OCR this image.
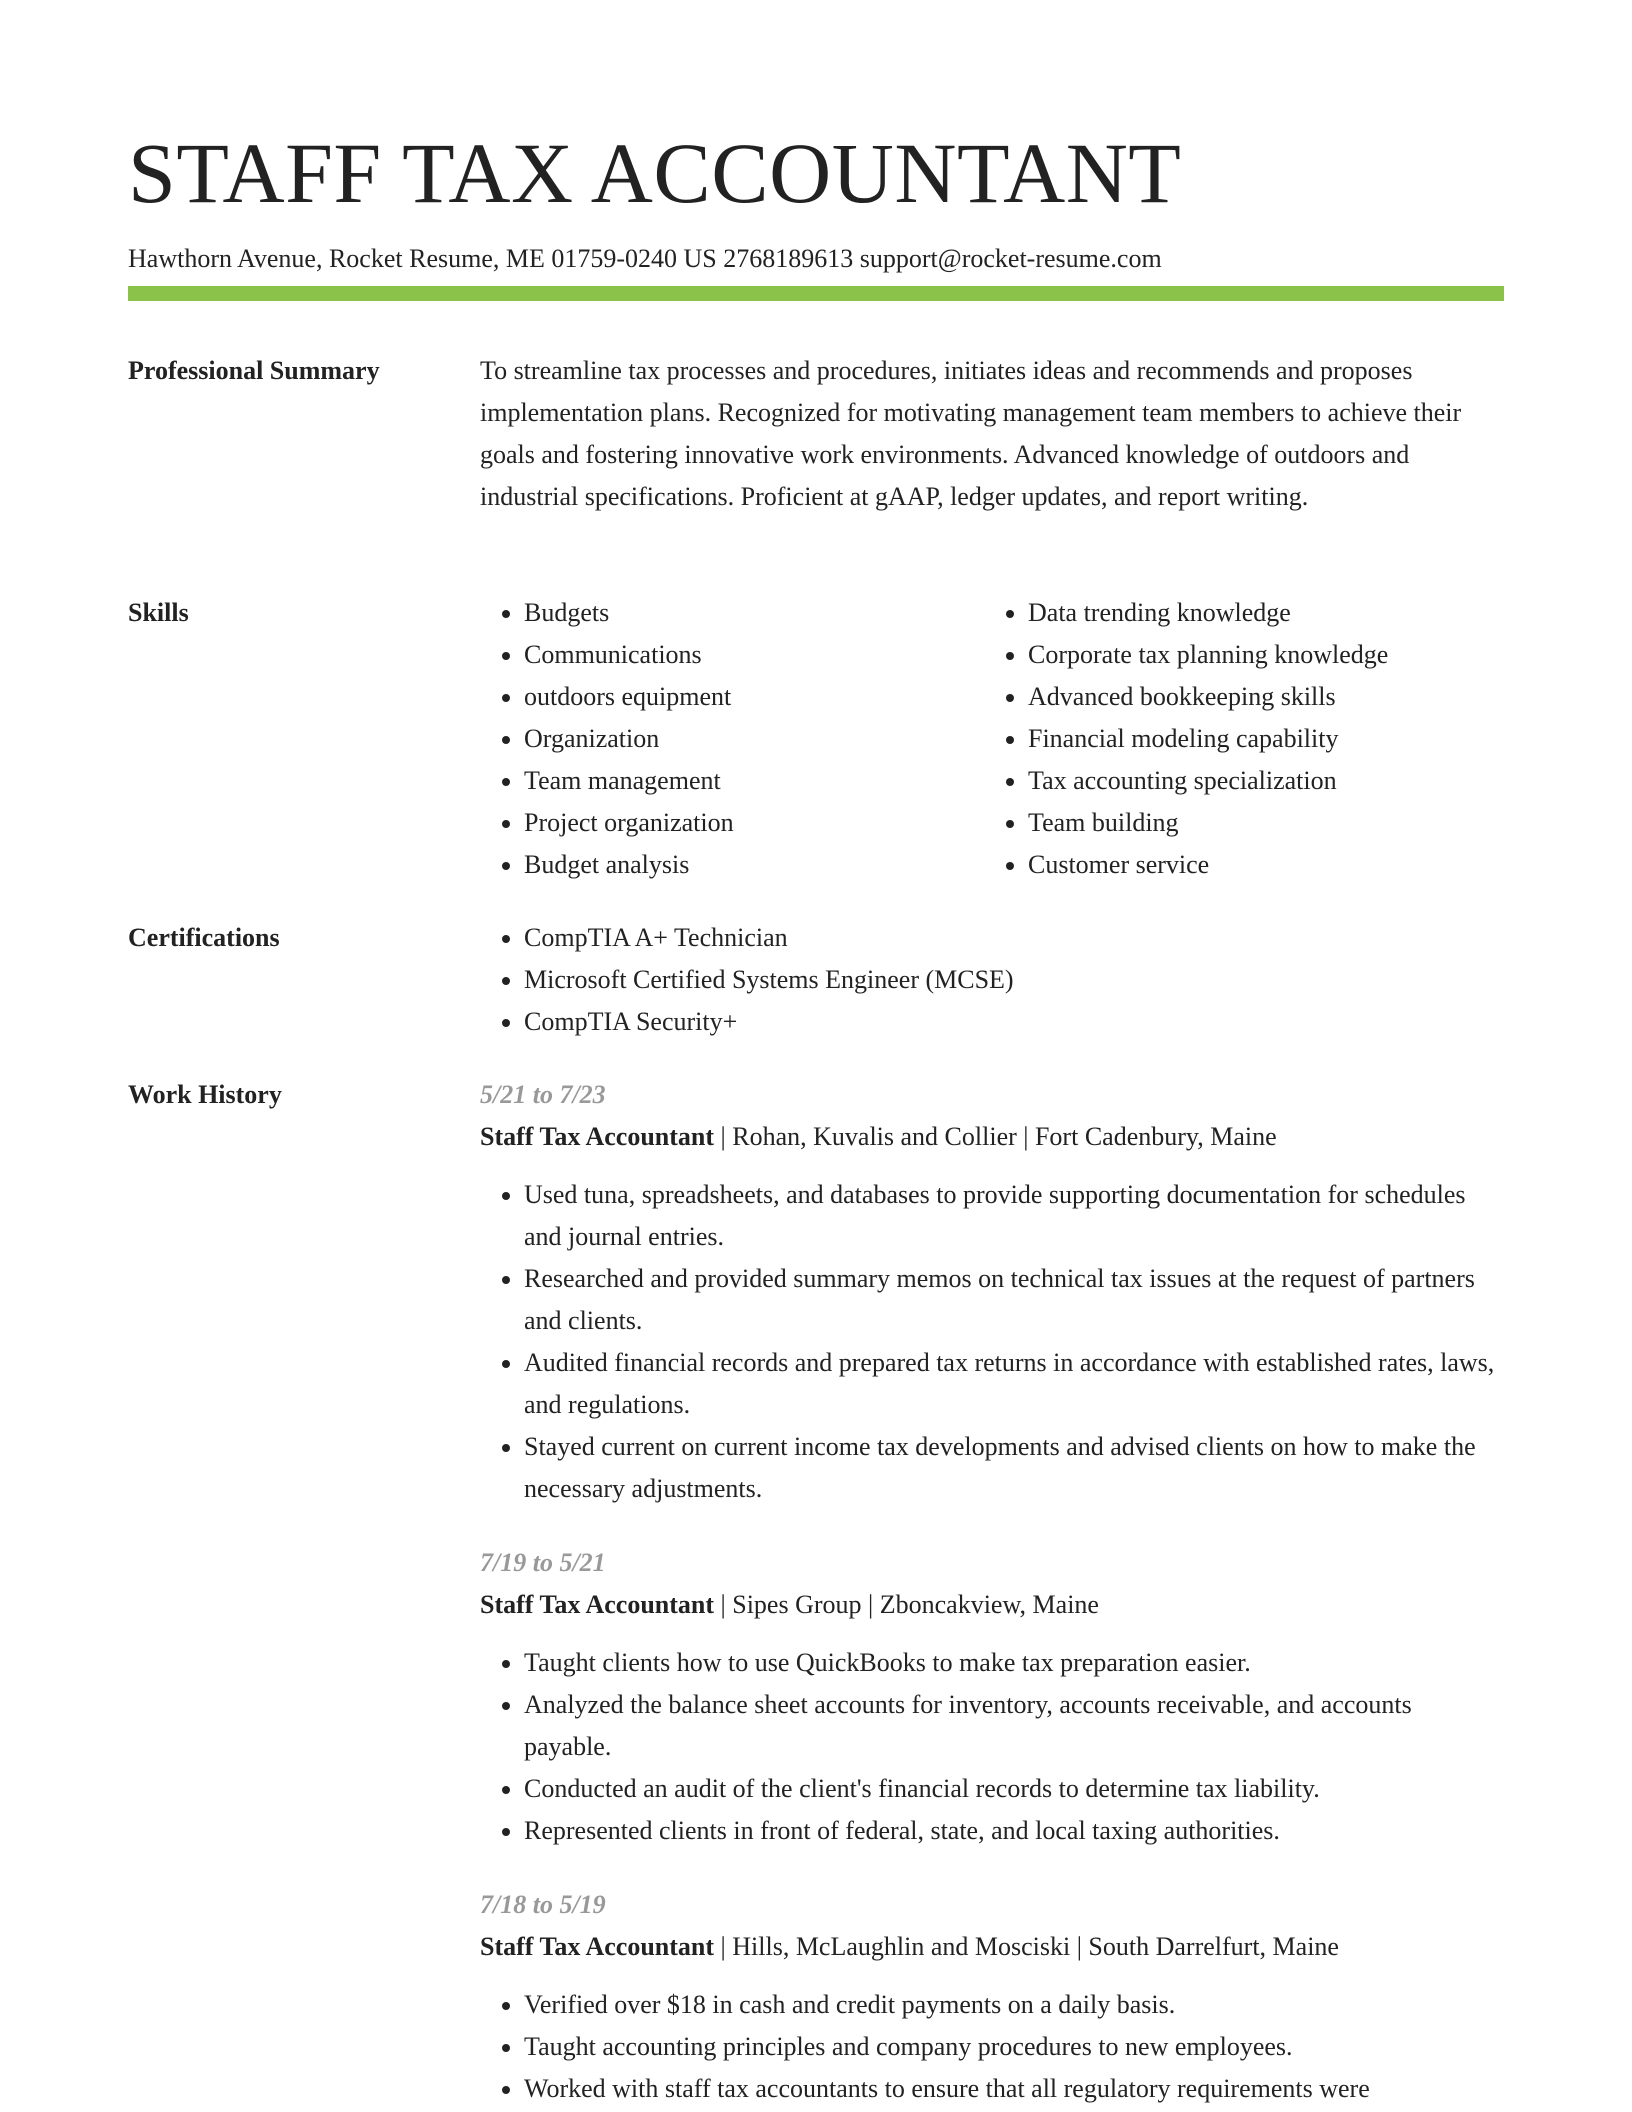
STAFF TAX ACCOUNTANT
Hawthorn Avenue, Rocket Resume, ME 01759-0240 US 2768189613 support@rocket-resume.com
Professional Summary	To streamline tax processes and procedures, initiates ideas and recommends and proposes implementation plans. Recognized for motivating management team members to achieve their goals and fostering innovative work environments. Advanced knowledge of outdoors and industrial specifications. Proficient at gAAP, ledger updates, and report writing.

Skills	• Budgets
• Communications
• outdoors equipment
• Organization
• Team management
• Project organization
• Budget analysis
• Data trending knowledge
• Corporate tax planning knowledge
• Advanced bookkeeping skills
• Financial modeling capability
• Tax accounting specialization
• Team building
• Customer service
Certifications	• CompTIA A+ Technician
• Microsoft Certified Systems Engineer (MCSE)
• CompTIA Security+
Work History	5/21 to 7/23
Staff Tax Accountant | Rohan, Kuvalis and Collier | Fort Cadenbury, Maine
• Used tuna, spreadsheets, and databases to provide supporting documentation for schedules and journal entries.
• Researched and provided summary memos on technical tax issues at the request of partners and clients.
• Audited financial records and prepared tax returns in accordance with established rates, laws, and regulations.
• Stayed current on current income tax developments and advised clients on how to make the necessary adjustments.
7/19 to 5/21
Staff Tax Accountant | Sipes Group | Zboncakview, Maine
• Taught clients how to use QuickBooks to make tax preparation easier.
• Analyzed the balance sheet accounts for inventory, accounts receivable, and accounts payable.
• Conducted an audit of the client's financial records to determine tax liability.
• Represented clients in front of federal, state, and local taxing authorities.
7/18 to 5/19
Staff Tax Accountant | Hills, McLaughlin and Mosciski | South Darrelfurt, Maine
• Verified over $18 in cash and credit payments on a daily basis.
• Taught accounting principles and company procedures to new employees.
• Worked with staff tax accountants to ensure that all regulatory requirements were
